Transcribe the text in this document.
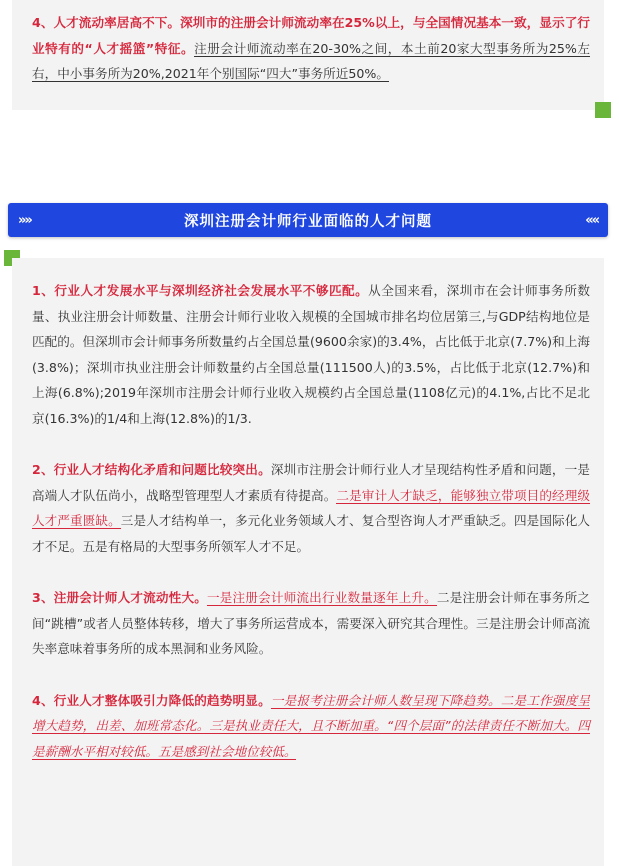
4、人才流动率居高不下。深圳市的注册会计师流动率在25%以上，与全国情况基本一致，显示了行业特有的“人才摇篮”特征。注册会计师流动率在20-30%之间，本土前20家大型事务所为25%左右，中小事务所为20%,2021年个别国际“四大”事务所近50%。

»»	深圳注册会计师行业面临的人才问题	««

1、行业人才发展水平与深圳经济社会发展水平不够匹配。从全国来看，深圳市在会计师事务所数量、执业注册会计师数量、注册会计师行业收入规模的全国城市排名均位居第三,与GDP结构地位是匹配的。但深圳市会计师事务所数量约占全国总量(9600余家)的3.4%，占比低于北京(7.7%)和上海(3.8%)；深圳市执业注册会计师数量约占全国总量(111500人)的3.5%，占比低于北京(12.7%)和上海(6.8%);2019年深圳市注册会计师行业收入规模约占全国总量(1108亿元)的4.1%,占比不足北京(16.3%)的1/4和上海(12.8%)的1/3.

2、行业人才结构化矛盾和问题比较突出。深圳市注册会计师行业人才呈现结构性矛盾和问题，一是高端人才队伍尚小，战略型管理型人才素质有待提高。二是审计人才缺乏，能够独立带项目的经理级人才严重匮缺。三是人才结构单一，多元化业务领域人才、复合型咨询人才严重缺乏。四是国际化人才不足。五是有格局的大型事务所领军人才不足。

3、注册会计师人才流动性大。一是注册会计师流出行业数量逐年上升。二是注册会计师在事务所之间“跳槽”或者人员整体转移，增大了事务所运营成本，需要深入研究其合理性。三是注册会计师高流失率意味着事务所的成本黑洞和业务风险。

4、行业人才整体吸引力降低的趋势明显。一是报考注册会计师人数呈现下降趋势。二是工作强度呈增大趋势，出差、加班常态化。三是执业责任大，且不断加重。“四个层面”的法律责任不断加大。四是薪酬水平相对较低。五是感到社会地位较低。
